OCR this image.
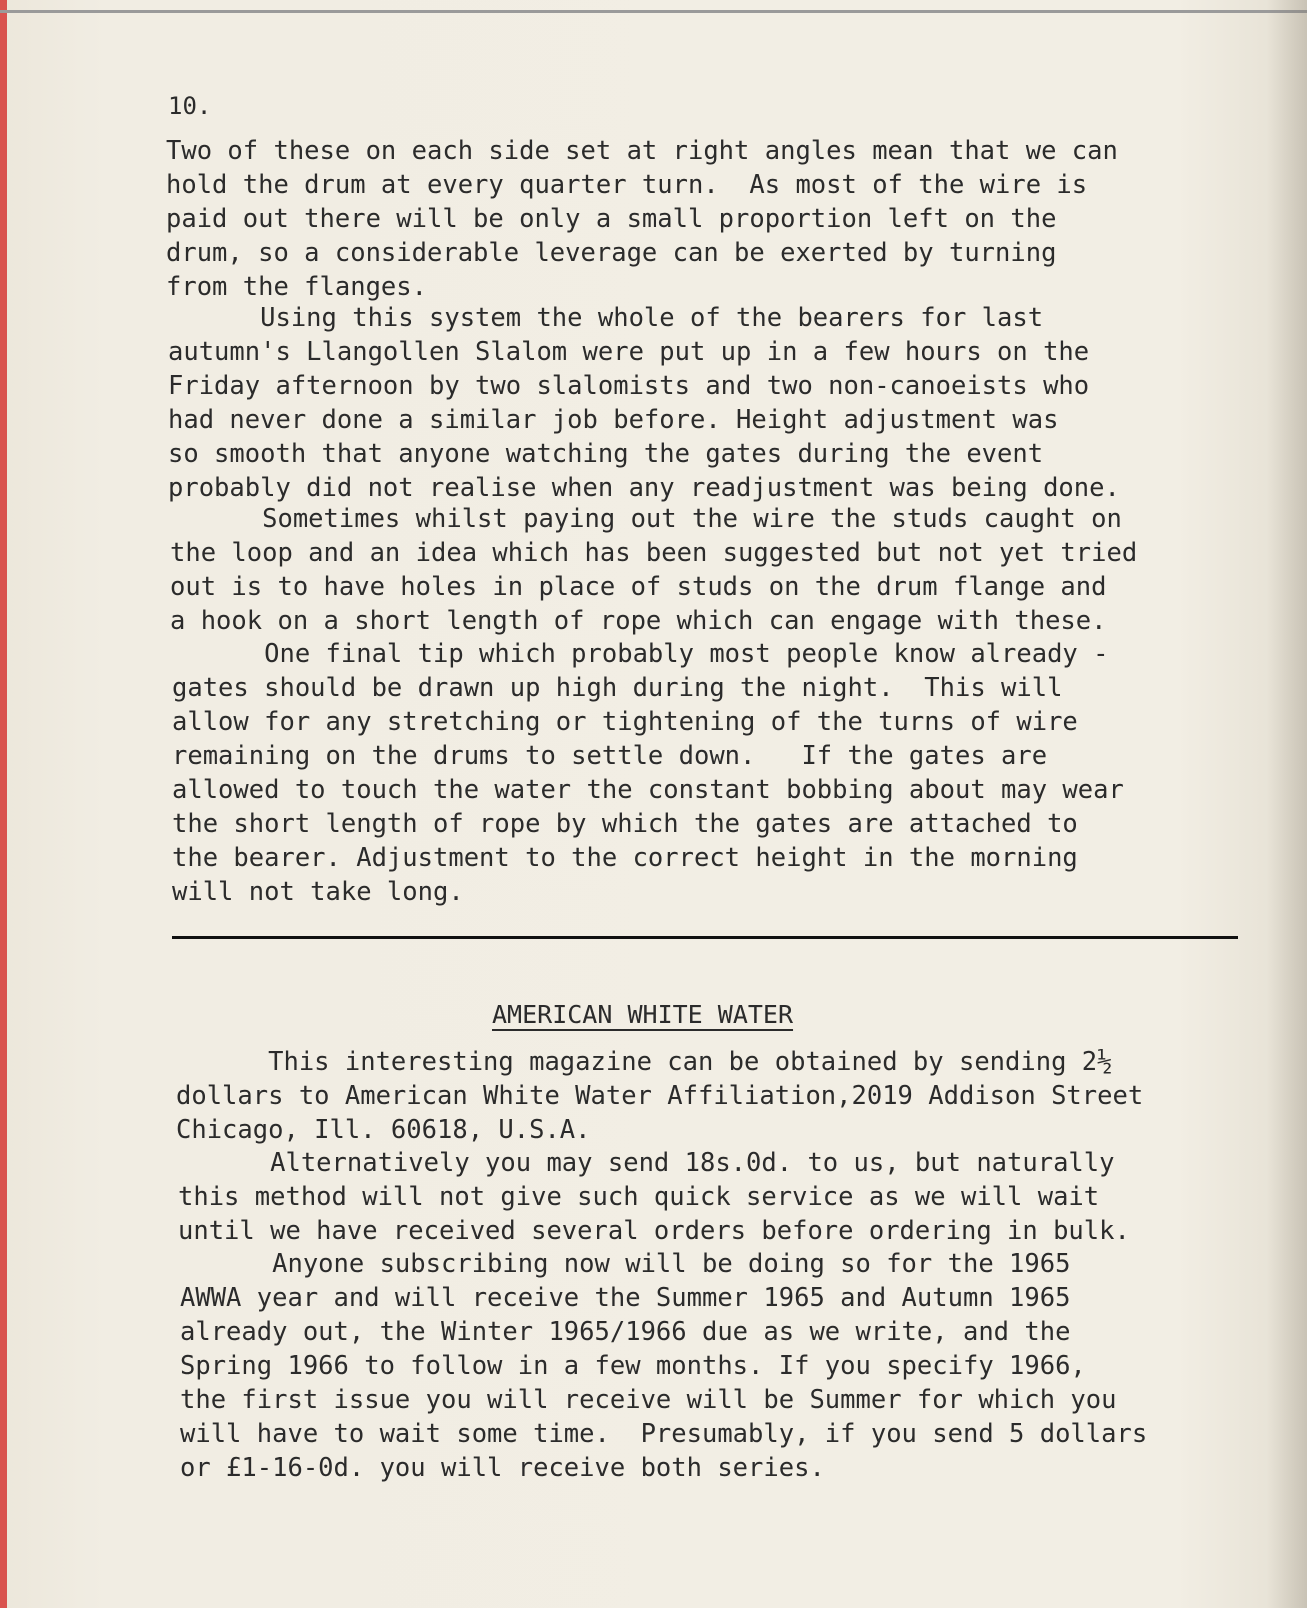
10.

Two of these on each side set at right angles mean that we can
hold the drum at every quarter turn.  As most of the wire is
paid out there will be only a small proportion left on the
drum, so a considerable leverage can be exerted by turning
from the flanges.

Using this system the whole of the bearers for last
autumn's Llangollen Slalom were put up in a few hours on the
Friday afternoon by two slalomists and two non-canoeists who
had never done a similar job before. Height adjustment was
so smooth that anyone watching the gates during the event
probably did not realise when any readjustment was being done.

Sometimes whilst paying out the wire the studs caught on
the loop and an idea which has been suggested but not yet tried
out is to have holes in place of studs on the drum flange and
a hook on a short length of rope which can engage with these.

One final tip which probably most people know already -
gates should be drawn up high during the night.  This will
allow for any stretching or tightening of the turns of wire
remaining on the drums to settle down.   If the gates are
allowed to touch the water the constant bobbing about may wear
the short length of rope by which the gates are attached to
the bearer. Adjustment to the correct height in the morning
will not take long.

AMERICAN WHITE WATER

This interesting magazine can be obtained by sending 2½
dollars to American White Water Affiliation,2019 Addison Street
Chicago, Ill. 60618, U.S.A.

Alternatively you may send 18s.0d. to us, but naturally
this method will not give such quick service as we will wait
until we have received several orders before ordering in bulk.

Anyone subscribing now will be doing so for the 1965
AWWA year and will receive the Summer 1965 and Autumn 1965
already out, the Winter 1965/1966 due as we write, and the
Spring 1966 to follow in a few months. If you specify 1966,
the first issue you will receive will be Summer for which you
will have to wait some time.  Presumably, if you send 5 dollars
or £1-16-0d. you will receive both series.
